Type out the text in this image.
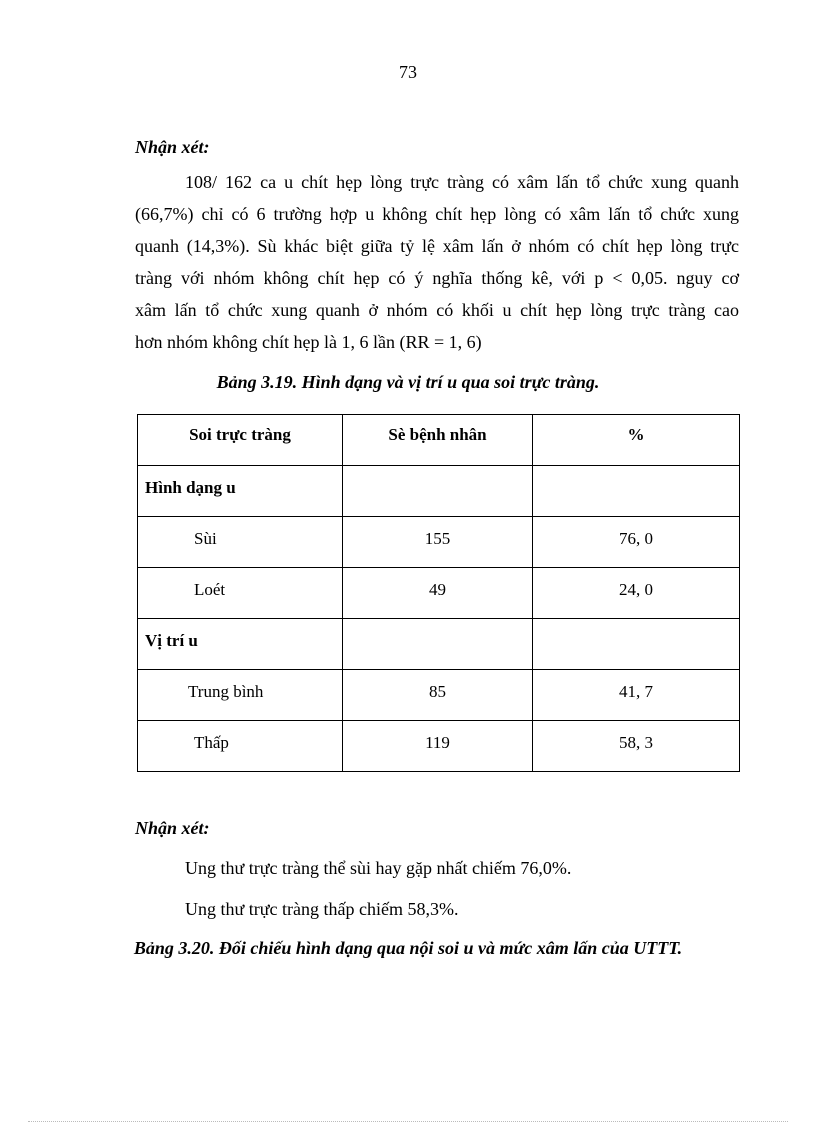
73
Nhận xét:
108/ 162 ca u chít hẹp lòng trực tràng có xâm lấn tổ chức xung quanh
(66,7%) chỉ có 6 trường hợp u không chít hẹp lòng có xâm lấn tổ chức xung
quanh (14,3%). Sù khác biệt giữa tỷ lệ xâm lấn ở nhóm có chít hẹp lòng trực
tràng với nhóm không chít hẹp có ý nghĩa thống kê, với p < 0,05. nguy cơ
xâm lấn tổ chức xung quanh ở nhóm có khối u chít hẹp lòng trực tràng cao
hơn nhóm không chít hẹp là 1, 6 lần (RR = 1, 6)
Bảng 3.19. Hình dạng và vị trí u qua soi trực tràng.
Soi trực tràng	Sè bệnh nhân	%
Hình dạng u		
Sùi	155	76, 0
Loét	49	24, 0
Vị trí u		
Trung bình	85	41, 7
Thấp	119	58, 3
Nhận xét:
Ung thư trực tràng thể sùi hay gặp nhất chiếm 76,0%.
Ung thư trực tràng thấp chiếm 58,3%.
Bảng 3.20. Đối chiếu hình dạng qua nội soi u và mức xâm lấn của UTTT.
